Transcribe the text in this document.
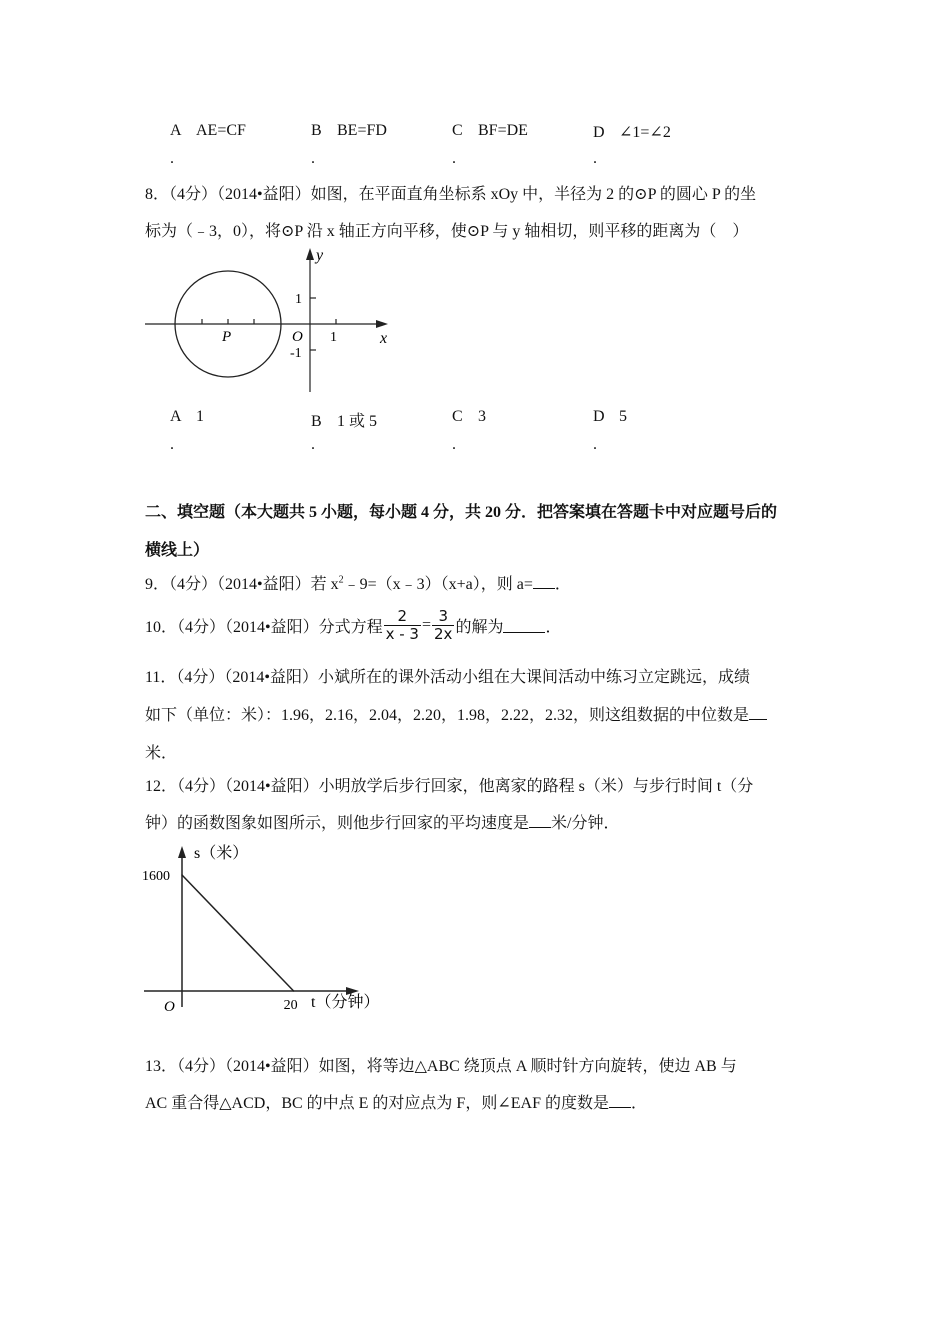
A AE=CF	B BE=FD	C BF=DE	D ∠1=∠2
.	.	.	.
8．（4分）（2014•益阳）如图，在平面直角坐标系 xOy 中，半径为 2 的⊙P 的圆心 P 的坐
标为（﹣3，0），将⊙P 沿 x 轴正方向平移，使⊙P 与 y 轴相切，则平移的距离为（　）
y
x
O
P
1
-1
1
A 1	B 1 或 5	C 3	D 5
.	.	.	.
二、填空题（本大题共 5 小题，每小题 4 分，共 20 分．把答案填在答题卡中对应题号后的
横线上）
9．（4分）（2014•益阳）若 $x^2﹣9=(x﹣3)(x+a)$，则 a= ．
10．（4分）（2014•益阳）分式方程 $\frac{2}{x - 3} = \frac{3}{2x}$ 的解为	．
11．（4分）（2014•益阳）小斌所在的课外活动小组在大课间活动中练习立定跳远，成绩
如下（单位：米）：1.96，2.16，2.04，2.20，1.98，2.22，2.32，则这组数据的中位数是
米．
12．（4分）（2014•益阳）小明放学后步行回家，他离家的路程 s（米）与步行时间 t（分
钟）的函数图象如图所示，则他步行回家的平均速度是 米/分钟．
1600
20
O
s（米）
t（分钟）
13．（4分）（2014•益阳）如图，将等边△ABC 绕顶点 A 顺时针方向旋转，使边 AB 与
AC 重合得△ACD，BC 的中点 E 的对应点为 F，则∠EAF 的度数是 ．
